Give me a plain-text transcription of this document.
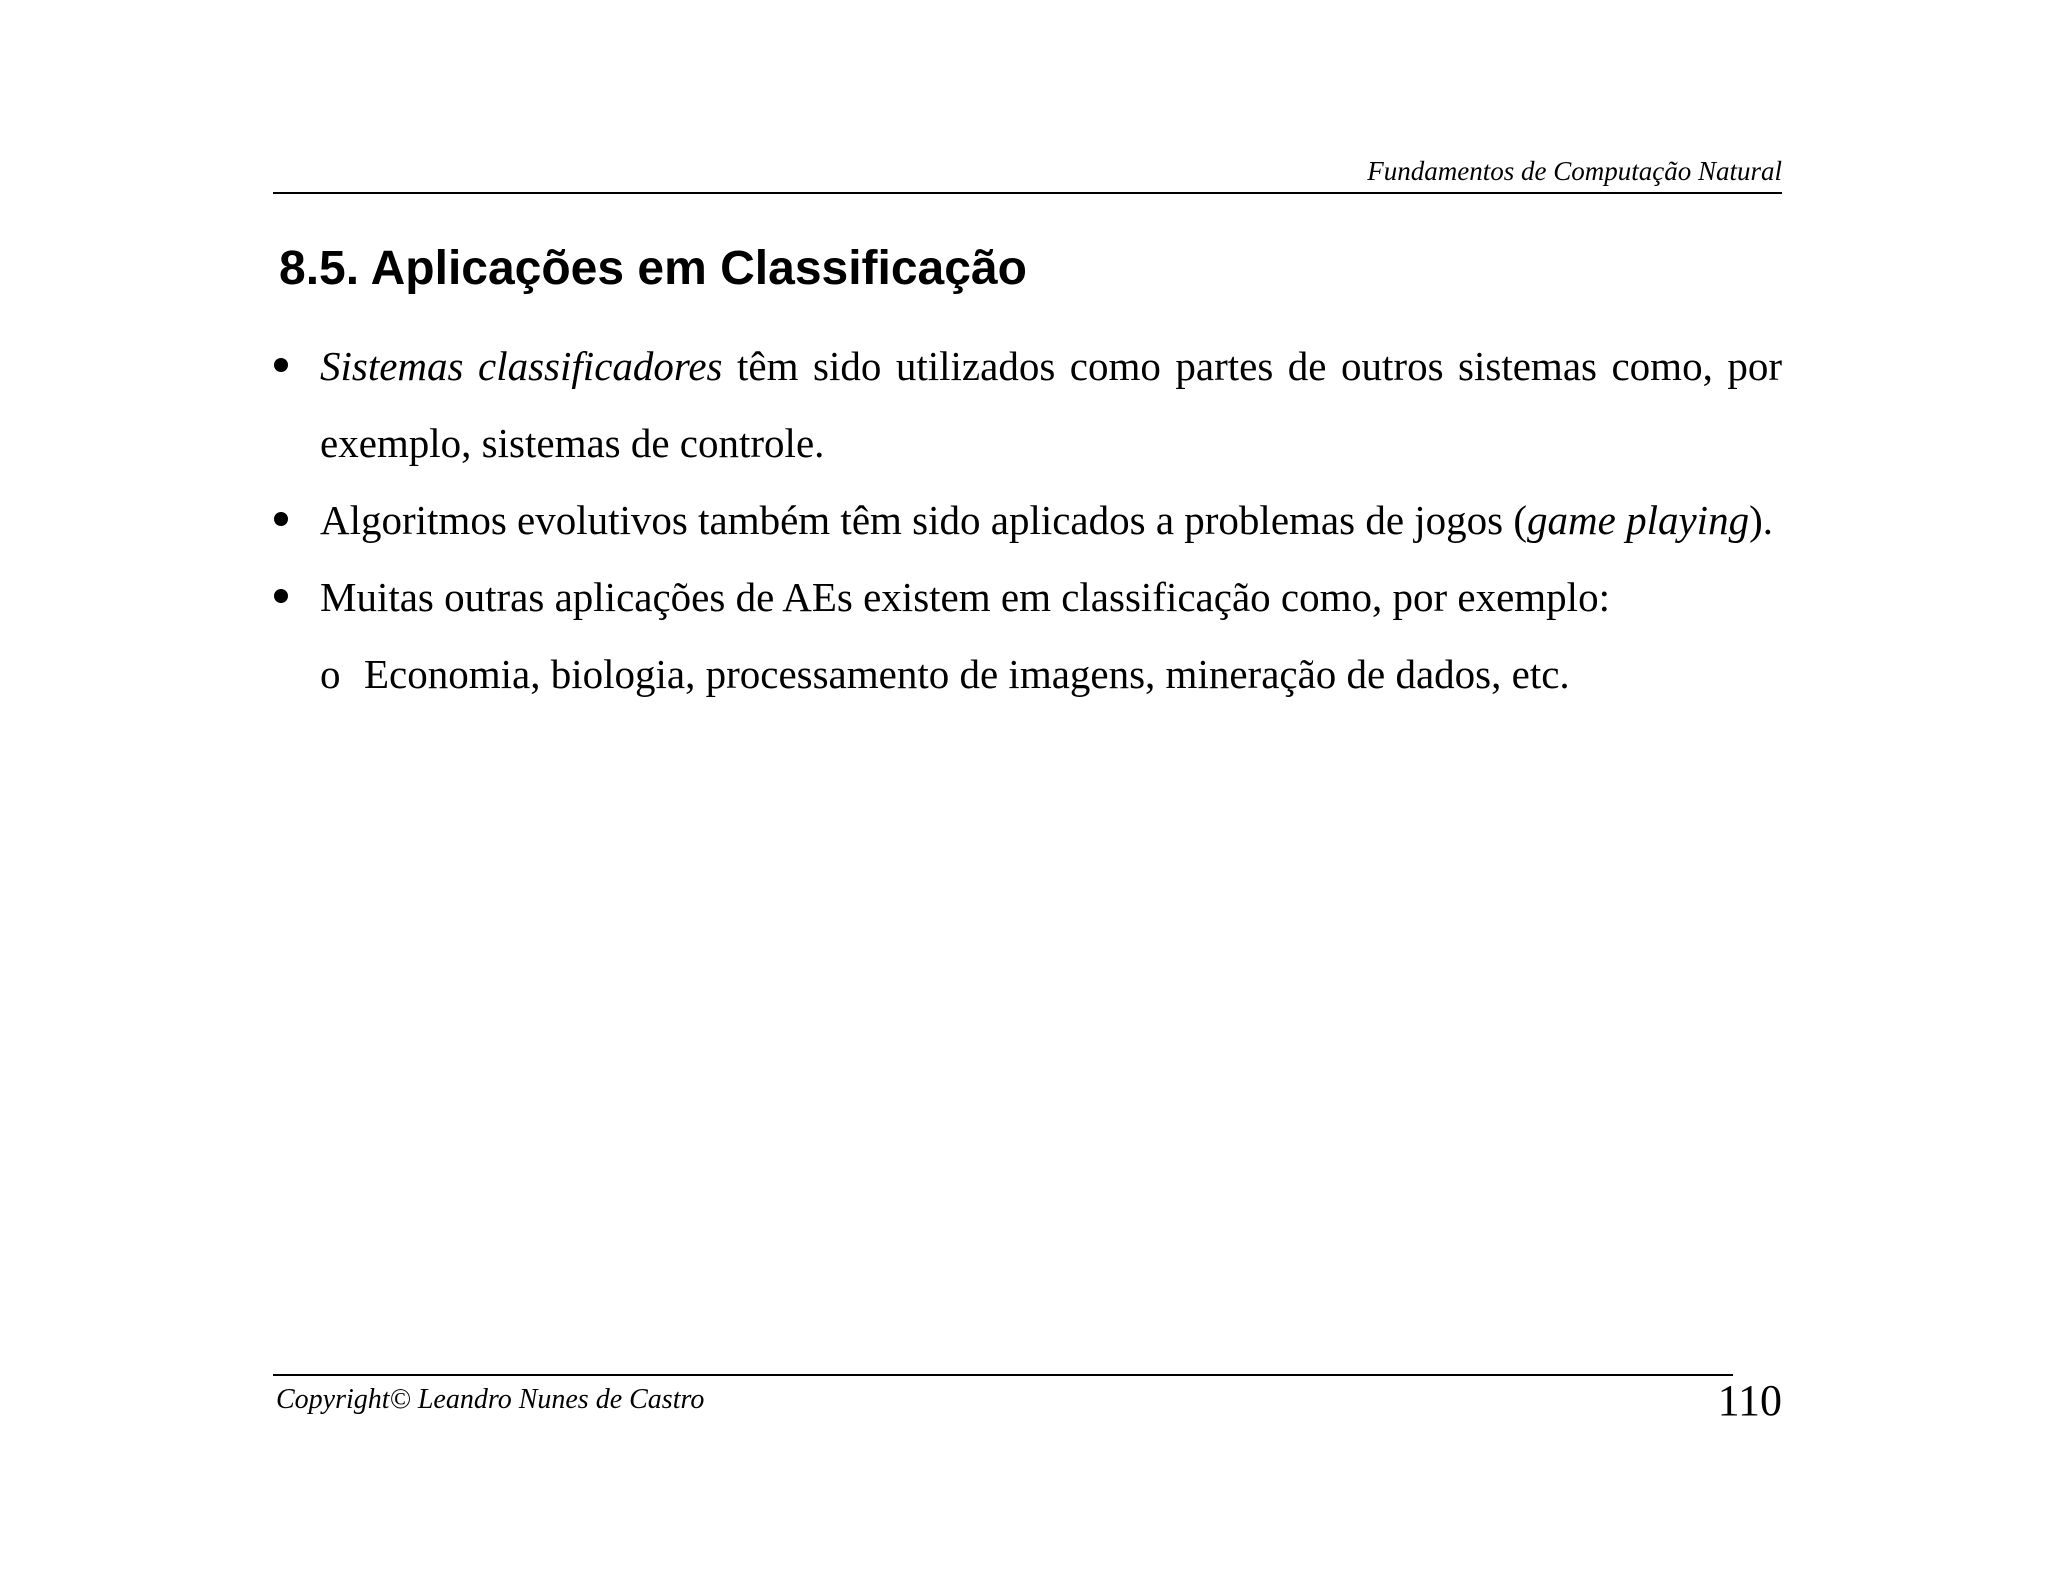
Fundamentos de Computação Natural
8.5. Aplicações em Classificação
Sistemas classificadores têm sido utilizados como partes de outros sistemas como, por exemplo, sistemas de controle.
Algoritmos evolutivos também têm sido aplicados a problemas de jogos (game playing).
Muitas outras aplicações de AEs existem em classificação como, por exemplo:
o Economia, biologia, processamento de imagens, mineração de dados, etc.
Copyright© Leandro Nunes de Castro	110
